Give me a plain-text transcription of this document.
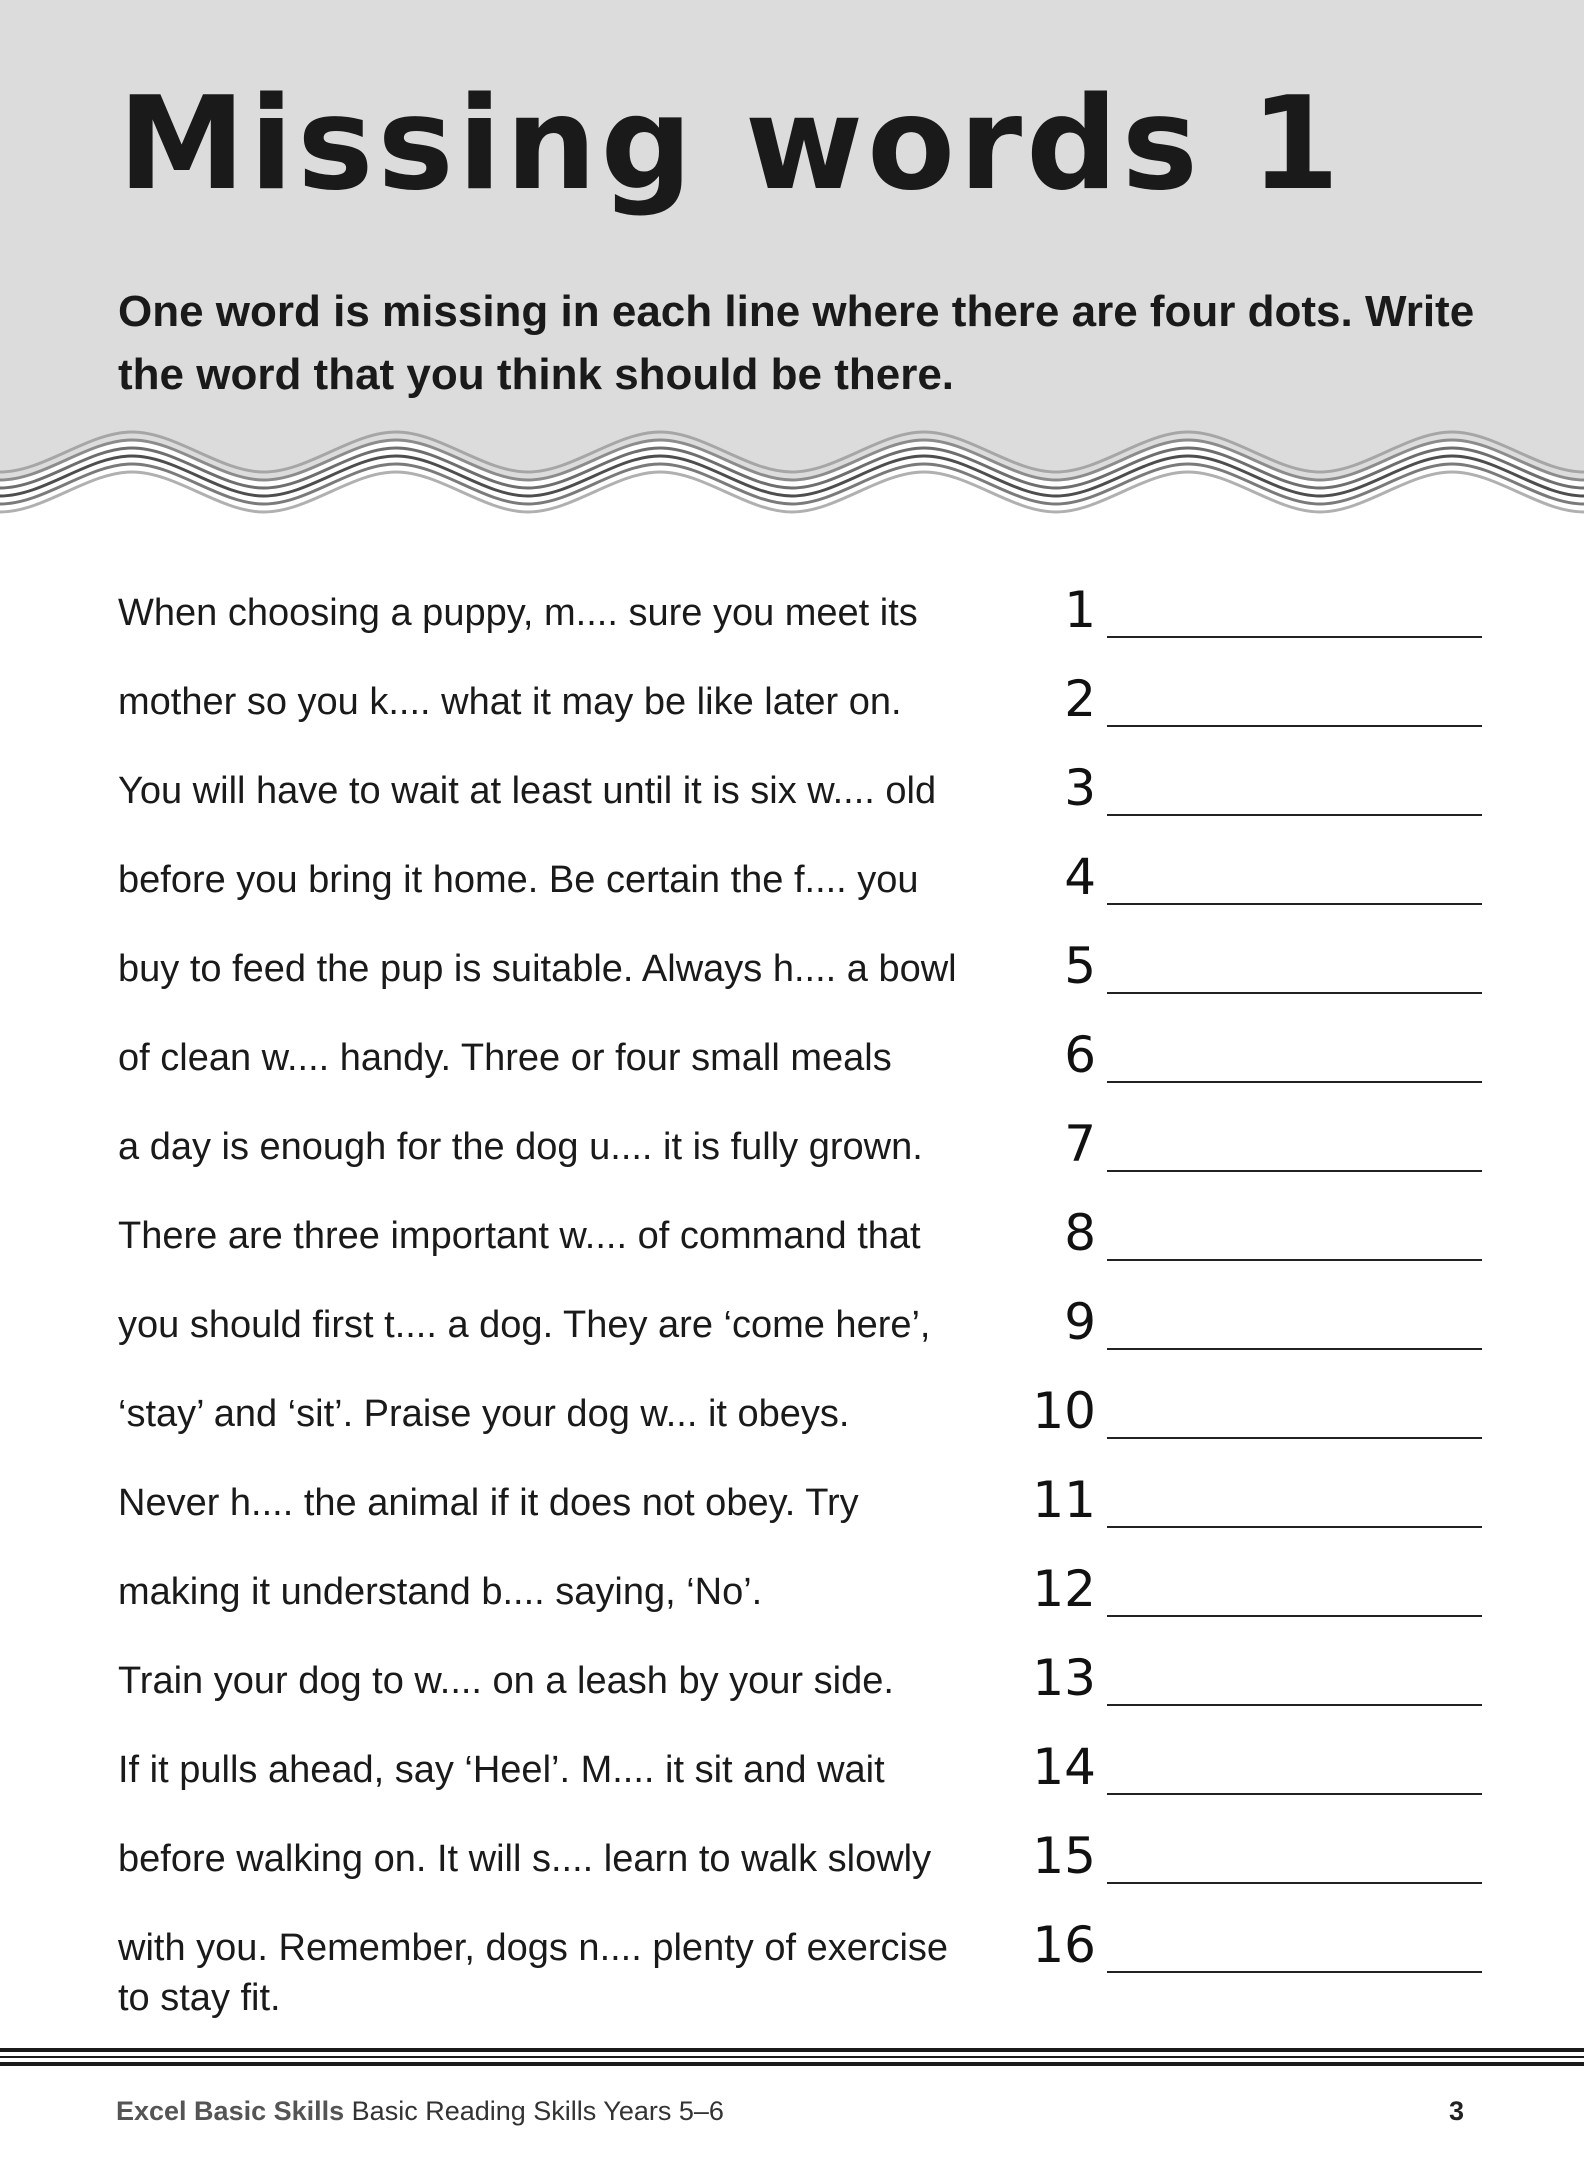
Missing words 1

One word is missing in each line where there are four dots. Write the word that you think should be there.

When choosing a puppy, m.... sure you meet its	1
mother so you k.... what it may be like later on.	2
You will have to wait at least until it is six w.... old	3
before you bring it home. Be certain the f.... you	4
buy to feed the pup is suitable. Always h.... a bowl 5
of clean w.... handy. Three or four small meals	6
a day is enough for the dog u.... it is fully grown.	7
There are three important w.... of command that	8
you should first t.... a dog. They are ‘come here’,	9
‘stay’ and ‘sit’. Praise your dog w... it obeys.	10
Never h.... the animal if it does not obey. Try	11
making it understand b.... saying, ‘No’.	12
Train your dog to w.... on a leash by your side.	13
If it pulls ahead, say ‘Heel’. M.... it sit and wait	14
before walking on. It will s.... learn to walk slowly 15
with you. Remember, dogs n.... plenty of exercise
to stay fit.
16
Excel Basic Skills Basic Reading Skills Years 5–6	3
